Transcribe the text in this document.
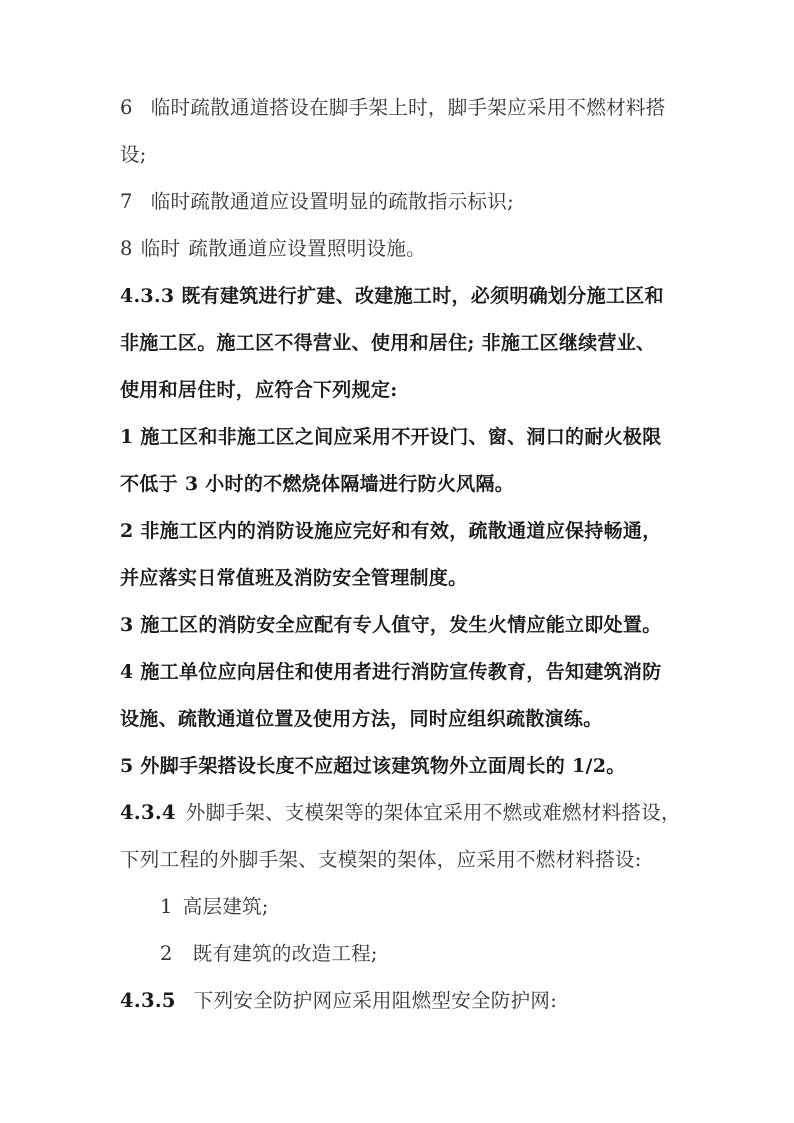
6 临时疏散通道搭设在脚手架上时，脚手架应采用不燃材料搭
设;
7 临时疏散通道应设置明显的疏散指示标识;
8 临时 疏散通道应设置照明设施。
4.3.3 既有建筑进行扩建、改建施工时，必须明确划分施工区和
非施工区。施工区不得营业、使用和居住; 非施工区继续营业、
使用和居住时，应符合下列规定:
1 施工区和非施工区之间应采用不开设门、窗、洞口的耐火极限
不低于 3 小时的不燃烧体隔墙进行防火风隔。
2 非施工区内的消防设施应完好和有效，疏散通道应保持畅通，
并应落实日常值班及消防安全管理制度。
3 施工区的消防安全应配有专人值守，发生火情应能立即处置。
4 施工单位应向居住和使用者进行消防宣传教育，告知建筑消防
设施、疏散通道位置及使用方法，同时应组织疏散演练。
5 外脚手架搭设长度不应超过该建筑物外立面周长的 1/2。
4.3.4 外脚手架、支模架等的架体宜采用不燃或难燃材料搭设，
下列工程的外脚手架、支模架的架体，应采用不燃材料搭设:
1 高层建筑;
2 既有建筑的改造工程;
4.3.5 下列安全防护网应采用阻燃型安全防护网:
